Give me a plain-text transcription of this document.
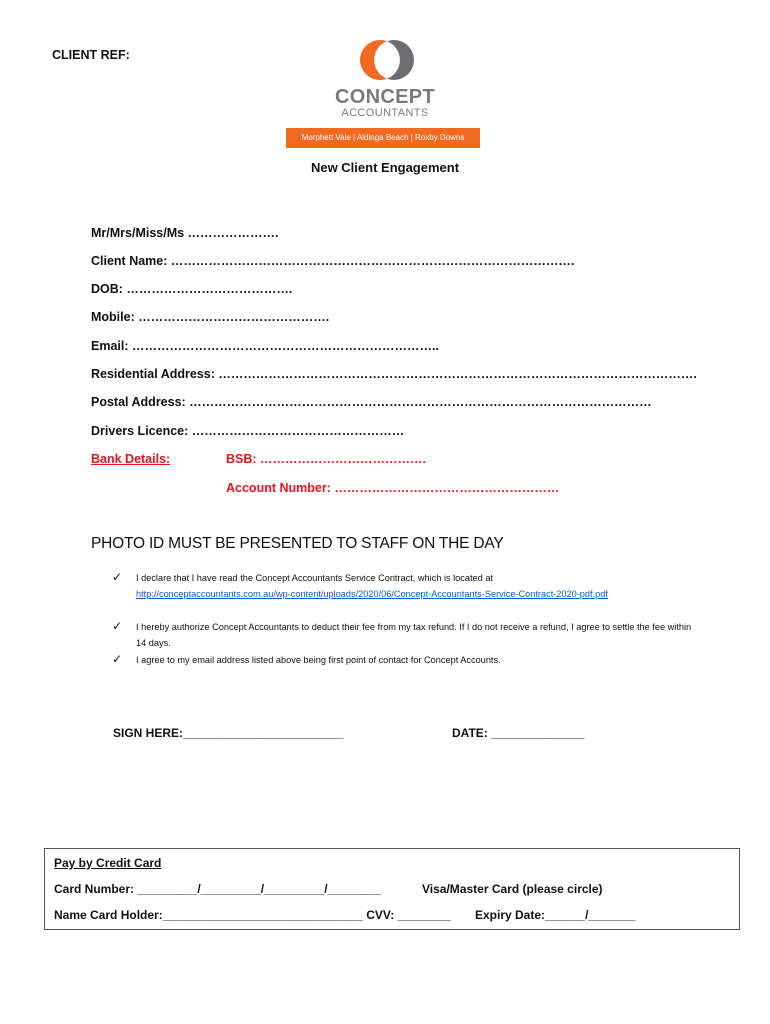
CLIENT REF:
CONCEPT
ACCOUNTANTS
Morphett Vale | Aldinga Beach | Roxby Downs
New Client Engagement
Mr/Mrs/Miss/Ms ………………….
Client Name: …………………………………………………………………………………….
DOB: ………………………………….
Mobile: ……………………………………….
Email: ………………………………………………………………..
Residential Address: …………………………………………………………………………………………………….
Postal Address: …………………………………………………………………………………………………
Drivers Licence: ……………………………………………
Bank Details:	BSB: ………………………………….
Account Number: ………………………………………………
PHOTO ID MUST BE PRESENTED TO STAFF ON THE DAY
✓ I declare that I have read the Concept Accountants Service Contract, which is located at
http://conceptaccountants.com.au/wp-content/uploads/2020/06/Concept-Accountants-Service-Contract-2020-pdf.pdf
✓ I hereby authorize Concept Accountants to deduct their fee from my tax refund. If I do not receive a refund, I agree to settle the fee within 14 days.
✓ I agree to my email address listed above being first point of contact for Concept Accounts.
SIGN HERE:________________________	DATE: ______________
Pay by Credit Card
Card Number: _________/_________/_________/________	Visa/Master Card (please circle)
Name Card Holder:______________________________ CVV: ________ Expiry Date:______/_______
